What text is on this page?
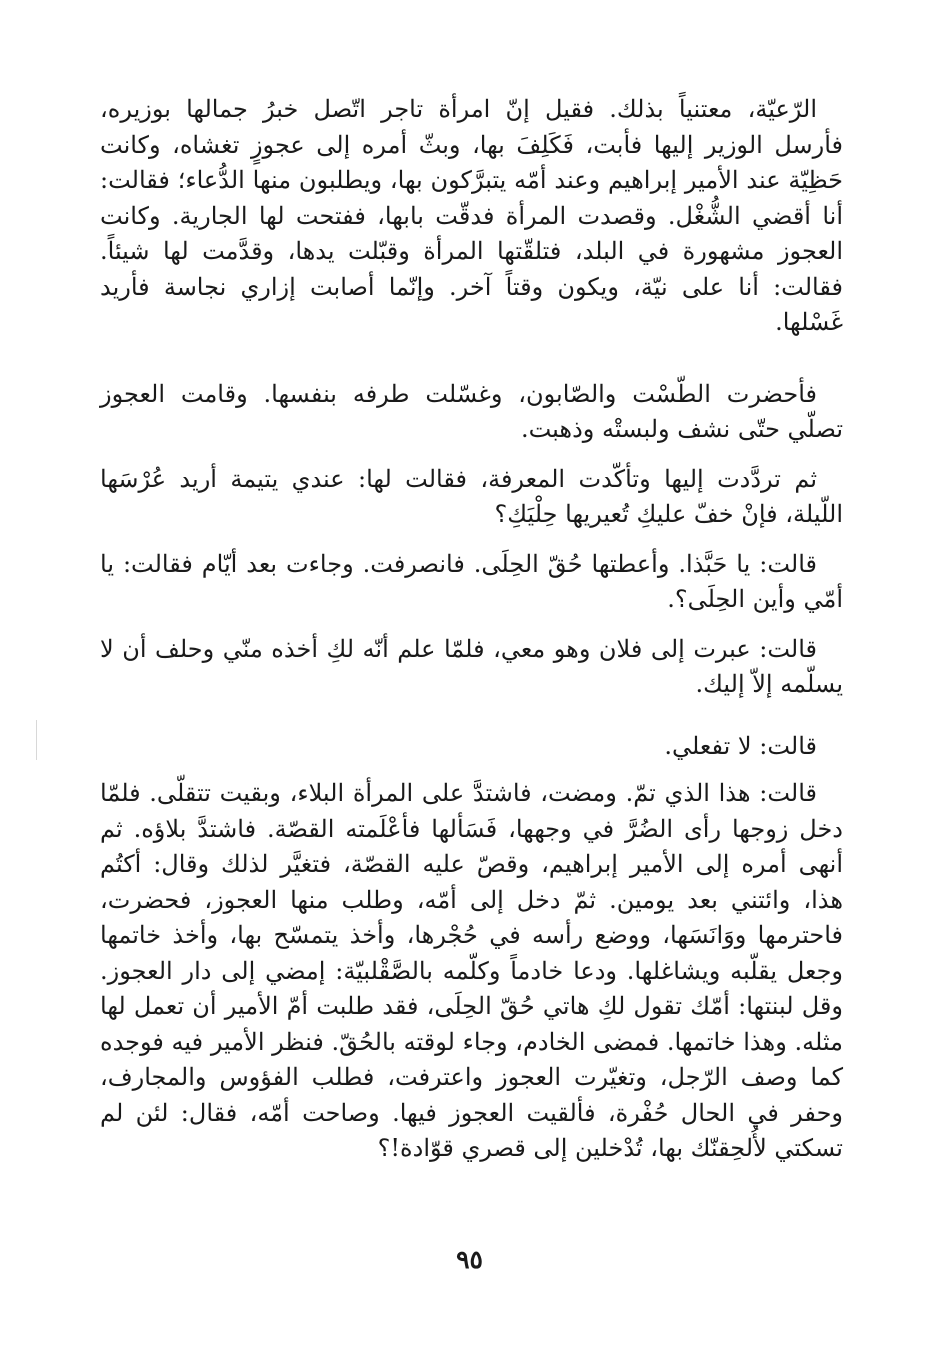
الرّعيّة، معتنياً بذلك. فقيل إنّ امرأة تاجر اتّصل خبرُ جمالها بوزيره، فأرسل الوزير إليها فأبت، فَكَلِفَ بها، وبثّ أمره إلى عجوزٍ تغشاه، وكانت حَظِيّة عند الأمير إبراهيم وعند أمّه يتبرَّكون بها، ويطلبون منها الدُّعاء؛ فقالت: أنا أقضي الشُّغْل. وقصدت المرأة فدقّت بابها، ففتحت لها الجارية. وكانت العجوز مشهورة في البلد، فتلقّتها المرأة وقبّلت يدها، وقدَّمت لها شيئاً. فقالت: أنا على نيّة، ويكون وقتاً آخر. وإنّما أصابت إزاري نجاسة فأريد غَسْلها.

فأحضرت الطّسْت والصّابون، وغسّلت طرفه بنفسها. وقامت العجوز تصلّي حتّى نشف ولبستْه وذهبت.

ثم تردَّدت إليها وتأكّدت المعرفة، فقالت لها: عندي يتيمة أريد عُرْسَها اللّيلة، فإنْ خفّ عليكِ تُعيريها حِلْيَكِ؟

قالت: يا حَبَّذا. وأعطتها حُقّ الحِلَى. فانصرفت. وجاءت بعد أيّام فقالت: يا أمّي وأين الحِلَى؟.

قالت: عبرت إلى فلان وهو معي، فلمّا علم أنّه لكِ أخذه منّي وحلف أن لا يسلّمه إلاّ إليك.

قالت: لا تفعلي.

قالت: هذا الذي تمّ. ومضت، فاشتدَّ على المرأة البلاء، وبقيت تتقلّى. فلمّا دخل زوجها رأى الضُرَّ في وجهها، فَسَألها فأعْلَمته القصّة. فاشتدَّ بلاؤه. ثم أنهى أمره إلى الأمير إبراهيم، وقصّ عليه القصّة، فتغيَّر لذلك وقال: أكتُم هذا، وائتني بعد يومين. ثمّ دخل إلى أمّه، وطلب منها العجوز، فحضرت، فاحترمها ووَانَسَها، ووضع رأسه في حُجْرها، وأخذ يتمسّح بها، وأخذ خاتمها وجعل يقلّبه ويشاغلها. ودعا خادماً وكلّمه بالصَّقْلبيّة: إمضي إلى دار العجوز. وقل لبنتها: أمّك تقول لكِ هاتي حُقّ الحِلَى، فقد طلبت أمّ الأمير أن تعمل لها مثله. وهذا خاتمها. فمضى الخادم، وجاء لوقته بالحُقّ. فنظر الأمير فيه فوجده كما وصف الرّجل، وتغيّرت العجوز واعترفت، فطلب الفؤوس والمجارف، وحفر في الحال حُفْرة، فألقيت العجوز فيها. وصاحت أمّه، فقال: لئن لم تسكتي لأُلحِقنّك بها، تُدْخلين إلى قصري قوّادة!؟

٩٥
